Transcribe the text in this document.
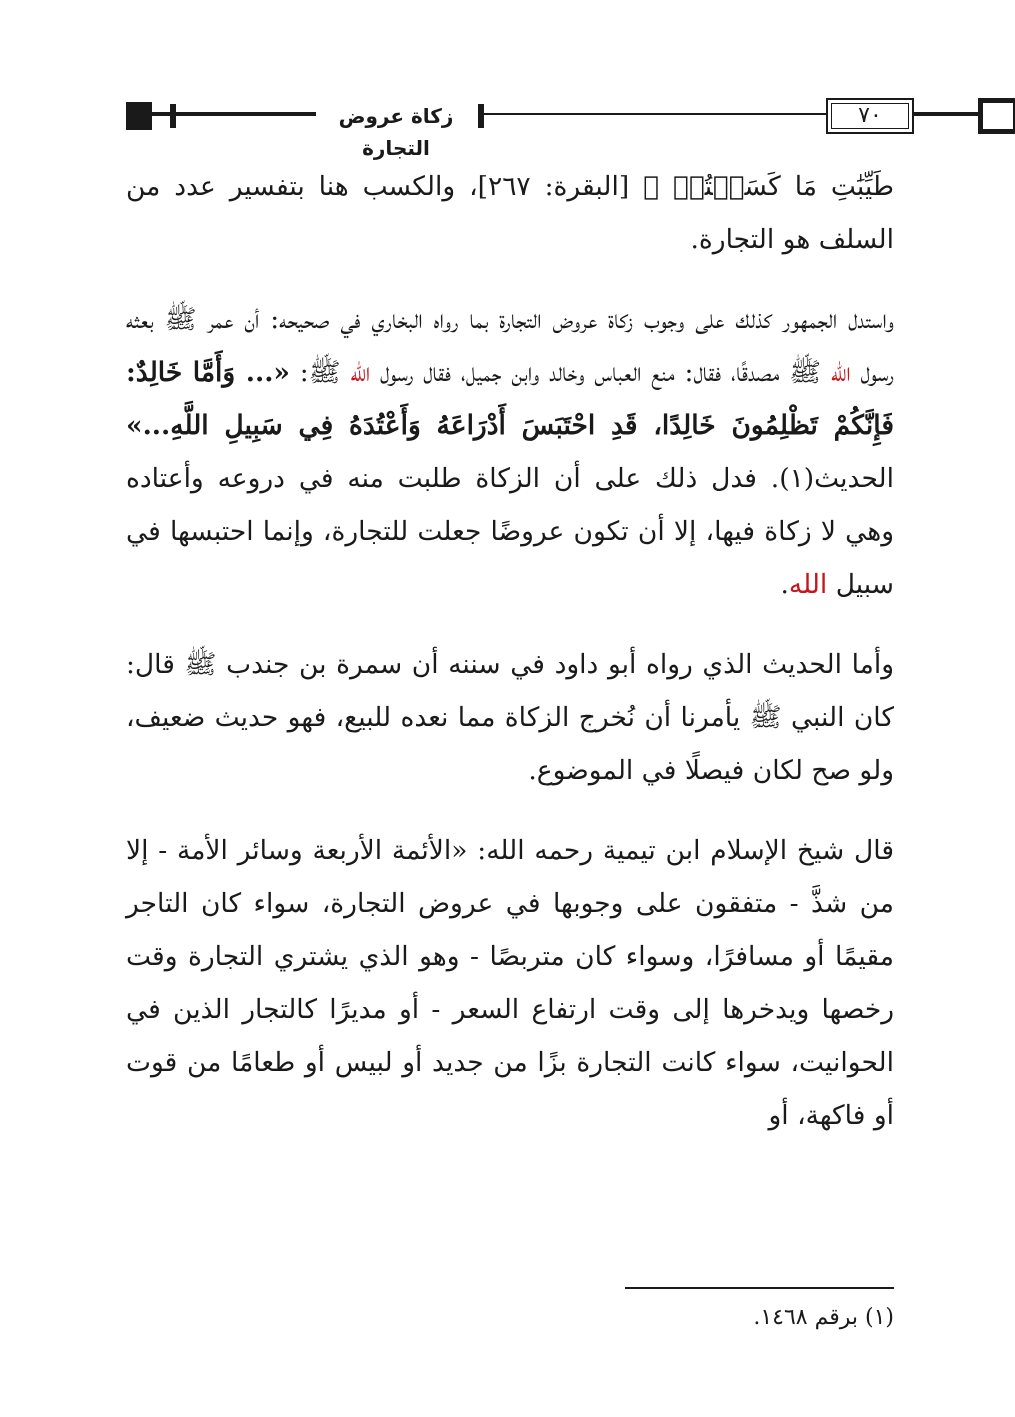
زكاة عروض التجارة
٧٠

طَيِّبَٰتِ مَا كَسَبۡتُمۡ ﴾ [البقرة: ٢٦٧]، والكسب هنا بتفسير عدد من السلف هو التجارة.

واستدل الجمهور كذلك على وجوب زكاة عروض التجارة بما رواه البخاري في صحيحه: أن عمر ﷺ بعثه رسول الله ﷺ مصدقًا، فقال: منع العباس وخالد وابن جميل، فقال رسول الله ﷺ: «... وَأَمَّا خَالِدٌ: فَإِنَّكُمْ تَظْلِمُونَ خَالِدًا، قَدِ احْتَبَسَ أَدْرَاعَهُ وَأَعْتُدَهُ فِي سَبِيلِ اللَّهِ...» الحديث(١). فدل ذلك على أن الزكاة طلبت منه في دروعه وأعتاده وهي لا زكاة فيها، إلا أن تكون عروضًا جعلت للتجارة، وإنما احتبسها في سبيل الله.

وأما الحديث الذي رواه أبو داود في سننه أن سمرة بن جندب ﷺ قال: كان النبي ﷺ يأمرنا أن نُخرج الزكاة مما نعده للبيع، فهو حديث ضعيف، ولو صح لكان فيصلًا في الموضوع.

قال شيخ الإسلام ابن تيمية رحمه الله: «الأئمة الأربعة وسائر الأمة - إلا من شذَّ - متفقون على وجوبها في عروض التجارة، سواء كان التاجر مقيمًا أو مسافرًا، وسواء كان متربصًا - وهو الذي يشتري التجارة وقت رخصها ويدخرها إلى وقت ارتفاع السعر - أو مديرًا كالتجار الذين في الحوانيت، سواء كانت التجارة بزًا من جديد أو لبيس أو طعامًا من قوت أو فاكهة، أو

(١) برقم ١٤٦٨.
